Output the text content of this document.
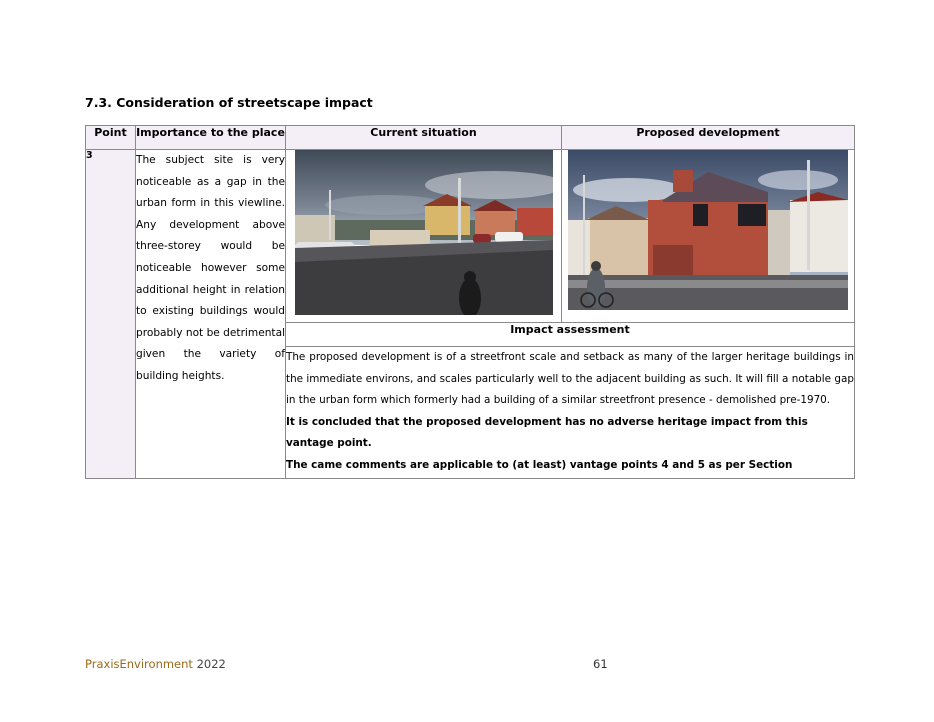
7.3. Consideration of streetscape impact
Point	Importance to the place	Current situation	Proposed development
3	The subject site is very noticeable as a gap in the urban form in this viewline. Any development above three-storey would be noticeable however some additional height in relation to existing buildings would probably not be detrimental given the variety of building heights.

		Impact assessment	

		The proposed development is of a streetfront scale and setback as many of the larger heritage buildings in the immediate environs, and scales particularly well to the adjacent building as such. It will fill a notable gap in the urban form which formerly had a building of a similar streetfront presence - demolished pre-1970.

It is concluded that the proposed development has no adverse heritage impact from this vantage point.

The came comments are applicable to (at least) vantage points 4 and 5 as per Section	

PraxisEnvironment 2022	61
